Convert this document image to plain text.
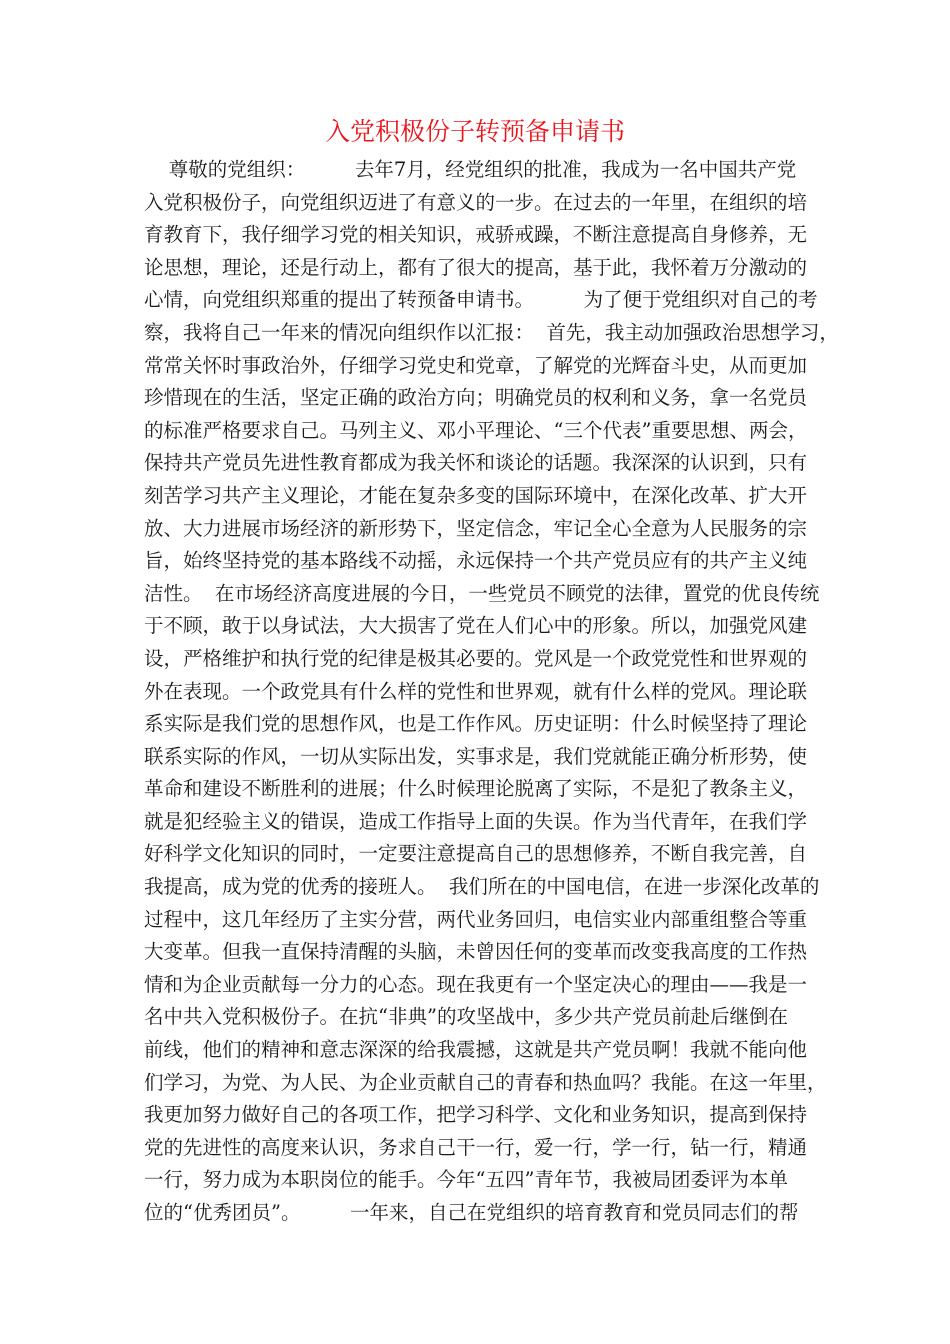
入党积极份子转预备申请书
尊敬的党组织：        去年7月，经党组织的批准，我成为一名中国共产党
入党积极份子，向党组织迈进了有意义的一步。在过去的一年里，在组织的培
育教育下，我仔细学习党的相关知识，戒骄戒躁，不断注意提高自身修养，无
论思想，理论，还是行动上，都有了很大的提高，基于此，我怀着万分激动的
心情，向党组织郑重的提出了转预备申请书。        为了便于党组织对自己的考
察，我将自己一年来的情况向组织作以汇报：  首先，我主动加强政治思想学习，
常常关怀时事政治外，仔细学习党史和党章，了解党的光辉奋斗史，从而更加
珍惜现在的生活，坚定正确的政治方向；明确党员的权利和义务，拿一名党员
的标准严格要求自己。马列主义、邓小平理论、“三个代表”重要思想、两会，
保持共产党员先进性教育都成为我关怀和谈论的话题。我深深的认识到，只有
刻苦学习共产主义理论，才能在复杂多变的国际环境中，在深化改革、扩大开
放、大力进展市场经济的新形势下，坚定信念，牢记全心全意为人民服务的宗
旨，始终坚持党的基本路线不动摇，永远保持一个共产党员应有的共产主义纯
洁性。  在市场经济高度进展的今日，一些党员不顾党的法律，置党的优良传统
于不顾，敢于以身试法，大大损害了党在人们心中的形象。所以，加强党风建
设，严格维护和执行党的纪律是极其必要的。党风是一个政党党性和世界观的
外在表现。一个政党具有什么样的党性和世界观，就有什么样的党风。理论联
系实际是我们党的思想作风，也是工作作风。历史证明：什么时候坚持了理论
联系实际的作风，一切从实际出发，实事求是，我们党就能正确分析形势，使
革命和建设不断胜利的进展；什么时候理论脱离了实际，不是犯了教条主义，
就是犯经验主义的错误，造成工作指导上面的失误。作为当代青年，在我们学
好科学文化知识的同时，一定要注意提高自己的思想修养，不断自我完善，自
我提高，成为党的优秀的接班人。  我们所在的中国电信，在进一步深化改革的
过程中，这几年经历了主实分营，两代业务回归，电信实业内部重组整合等重
大变革。但我一直保持清醒的头脑，未曾因任何的变革而改变我高度的工作热
情和为企业贡献每一分力的心态。现在我更有一个坚定决心的理由——我是一
名中共入党积极份子。在抗“非典”的攻坚战中，多少共产党员前赴后继倒在
前线，他们的精神和意志深深的给我震撼，这就是共产党员啊！我就不能向他
们学习，为党、为人民、为企业贡献自己的青春和热血吗？我能。在这一年里，
我更加努力做好自己的各项工作，把学习科学、文化和业务知识，提高到保持
党的先进性的高度来认识，务求自己干一行，爱一行，学一行，钻一行，精通
一行，努力成为本职岗位的能手。今年“五四”青年节，我被局团委评为本单
位的“优秀团员”。        一年来，自己在党组织的培育教育和党员同志们的帮
